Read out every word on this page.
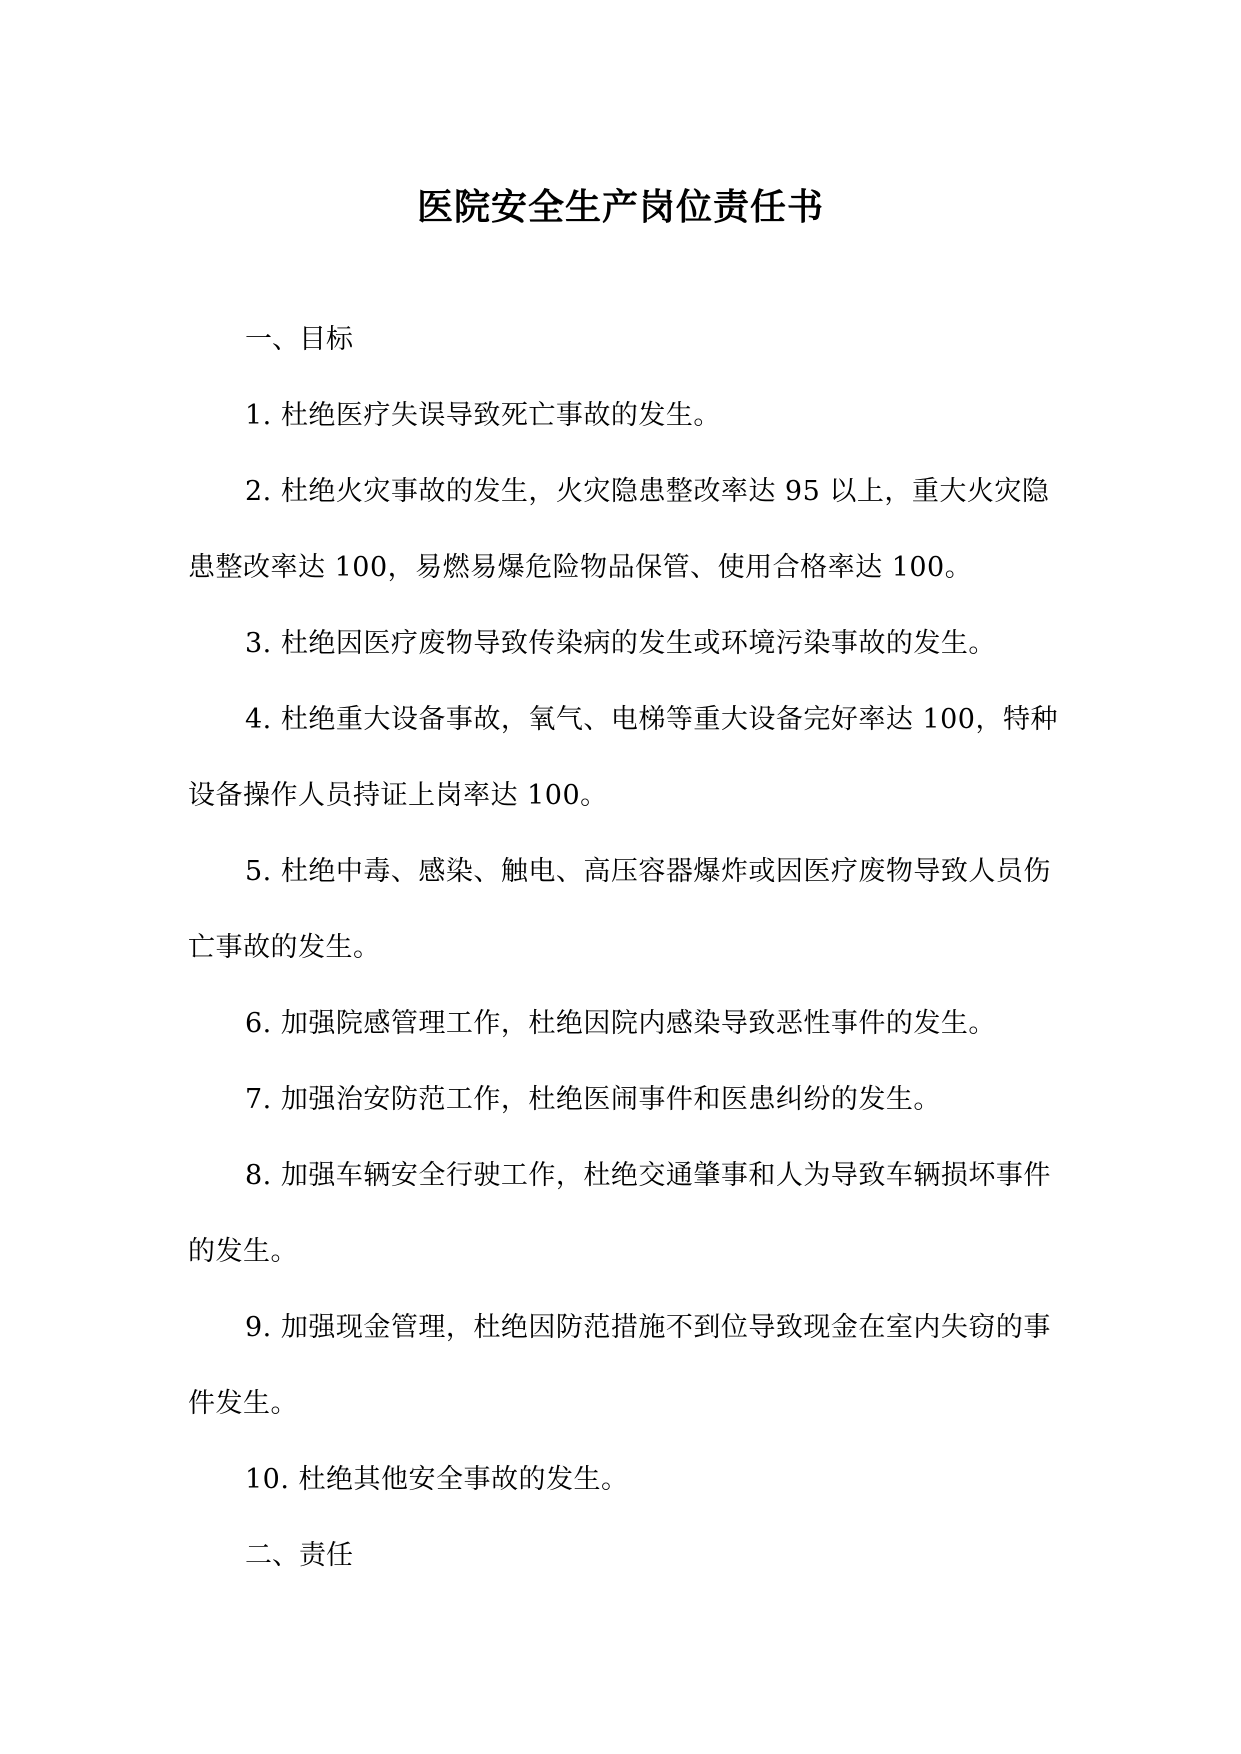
医院安全生产岗位责任书

一、目标

1. 杜绝医疗失误导致死亡事故的发生。

2. 杜绝火灾事故的发生，火灾隐患整改率达 95 以上，重大火灾隐患整改率达 100，易燃易爆危险物品保管、使用合格率达 100。

3. 杜绝因医疗废物导致传染病的发生或环境污染事故的发生。

4. 杜绝重大设备事故，氧气、电梯等重大设备完好率达 100，特种设备操作人员持证上岗率达 100。

5. 杜绝中毒、感染、触电、高压容器爆炸或因医疗废物导致人员伤亡事故的发生。

6. 加强院感管理工作，杜绝因院内感染导致恶性事件的发生。

7. 加强治安防范工作，杜绝医闹事件和医患纠纷的发生。

8. 加强车辆安全行驶工作，杜绝交通肇事和人为导致车辆损坏事件的发生。

9. 加强现金管理，杜绝因防范措施不到位导致现金在室内失窃的事件发生。

10. 杜绝其他安全事故的发生。

二、责任
